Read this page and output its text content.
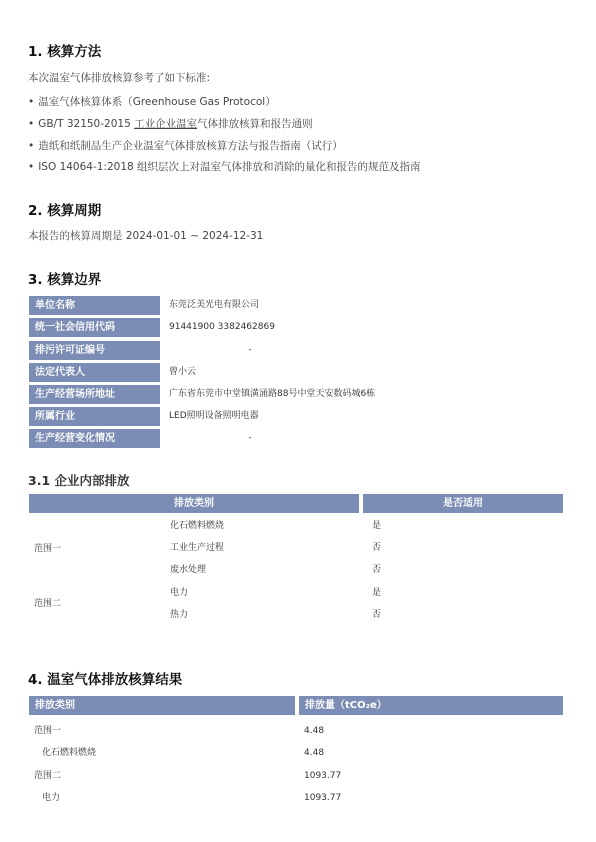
1. 核算方法
本次温室气体排放核算参考了如下标准:
• 温室气体核算体系（Greenhouse Gas Protocol）
• GB/T 32150-2015 工业企业温室气体排放核算和报告通则
• 造纸和纸制品生产企业温室气体排放核算方法与报告指南（试行）
• ISO 14064-1:2018 组织层次上对温室气体排放和消除的量化和报告的规范及指南
2. 核算周期
本报告的核算周期是 2024-01-01 ~ 2024-12-31
3. 核算边界
单位名称	东莞泛美光电有限公司
统一社会信用代码	91441900 3382462869
排污许可证编号	-
法定代表人	曾小云
生产经营场所地址	广东省东莞市中堂镇潢涌路88号中堂天安数码城6栋
所属行业	LED照明设备照明电器
生产经营变化情况	-
3.1 企业内部排放
排放类别	是否适用
范围一
化石燃料燃烧	是
工业生产过程	否
废水处理	否
范围二
电力	是
热力	否
4. 温室气体排放核算结果
排放类别	排放量（tCO₂e）
范围一	4.48
化石燃料燃烧	4.48
范围二	1093.77
电力	1093.77
